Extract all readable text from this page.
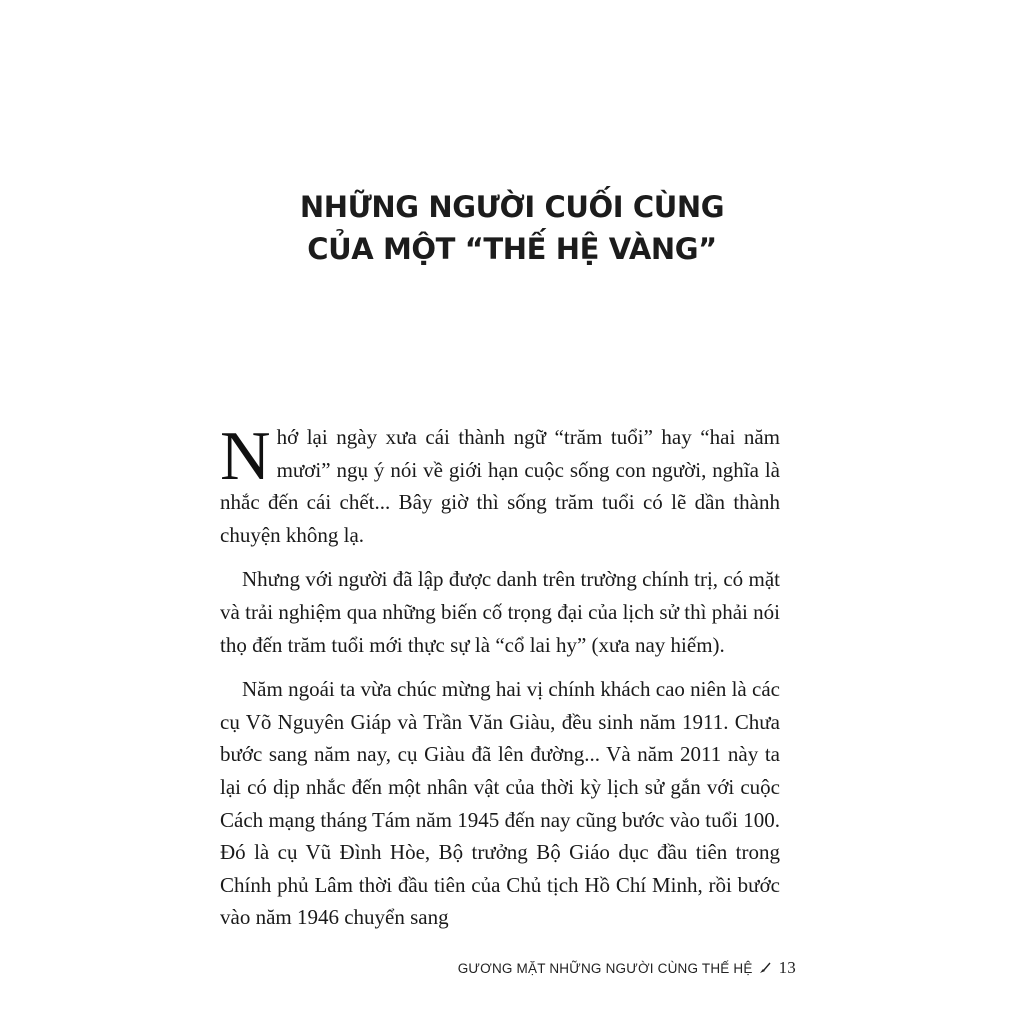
NHỮNG NGƯỜI CUỐI CÙNG
CỦA MỘT “THẾ HỆ VÀNG”

Nhớ lại ngày xưa cái thành ngữ “trăm tuổi” hay “hai năm mươi” ngụ ý nói về giới hạn cuộc sống con người, nghĩa là nhắc đến cái chết... Bây giờ thì sống trăm tuổi có lẽ dần thành chuyện không lạ.

Nhưng với người đã lập được danh trên trường chính trị, có mặt và trải nghiệm qua những biến cố trọng đại của lịch sử thì phải nói thọ đến trăm tuổi mới thực sự là “cổ lai hy” (xưa nay hiếm).

Năm ngoái ta vừa chúc mừng hai vị chính khách cao niên là các cụ Võ Nguyên Giáp và Trần Văn Giàu, đều sinh năm 1911. Chưa bước sang năm nay, cụ Giàu đã lên đường... Và năm 2011 này ta lại có dịp nhắc đến một nhân vật của thời kỳ lịch sử gắn với cuộc Cách mạng tháng Tám năm 1945 đến nay cũng bước vào tuổi 100. Đó là cụ Vũ Đình Hòe, Bộ trưởng Bộ Giáo dục đầu tiên trong Chính phủ Lâm thời đầu tiên của Chủ tịch Hồ Chí Minh, rồi bước vào năm 1946 chuyển sang

GƯƠNG MẶT NHỮNG NGƯỜI CÙNG THẾ HỆ 13
